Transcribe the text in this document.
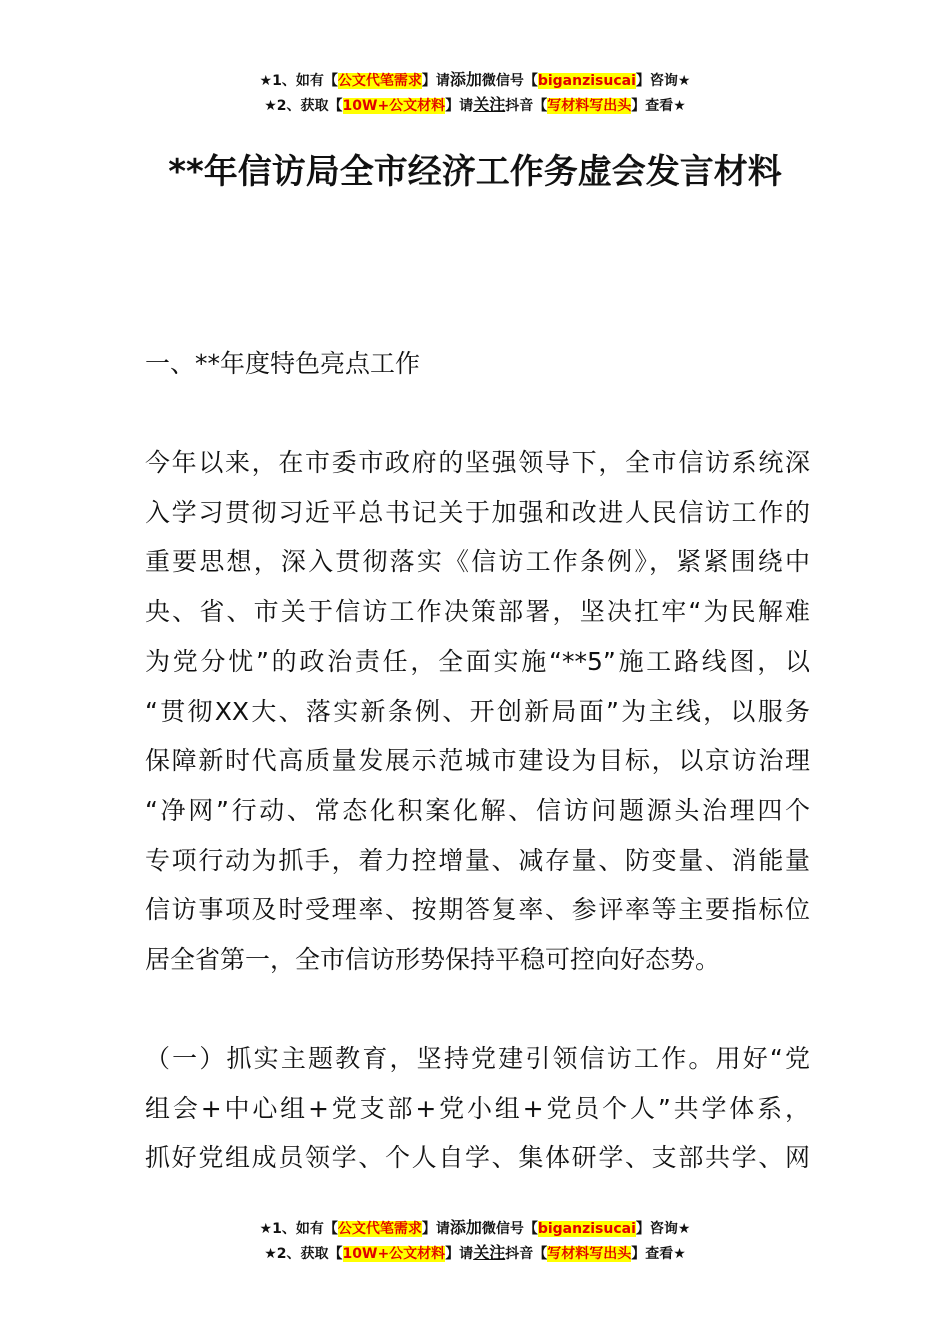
★1、如有【公文代笔需求】请添加微信号【biganzisucai】咨询★
★2、获取【10W+公文材料】请关注抖音【写材料写出头】查看★
**年信访局全市经济工作务虚会发言材料
一、**年度特色亮点工作
今年以来，在市委市政府的坚强领导下，全市信访系统深
入学习贯彻习近平总书记关于加强和改进人民信访工作的
重要思想，深入贯彻落实《信访工作条例》，紧紧围绕中
央、省、市关于信访工作决策部署，坚决扛牢“为民解难
为党分忧”的政治责任，全面实施“**5”施工路线图，以
“贯彻XX大、落实新条例、开创新局面”为主线，以服务
保障新时代高质量发展示范城市建设为目标，以京访治理
“净网”行动、常态化积案化解、信访问题源头治理四个
专项行动为抓手，着力控增量、减存量、防变量、消能量
信访事项及时受理率、按期答复率、参评率等主要指标位
居全省第一，全市信访形势保持平稳可控向好态势。
（一）抓实主题教育，坚持党建引领信访工作。用好“党
组会+中心组+党支部+党小组+党员个人”共学体系，
抓好党组成员领学、个人自学、集体研学、支部共学、网
★1、如有【公文代笔需求】请添加微信号【biganzisucai】咨询★
★2、获取【10W+公文材料】请关注抖音【写材料写出头】查看★
